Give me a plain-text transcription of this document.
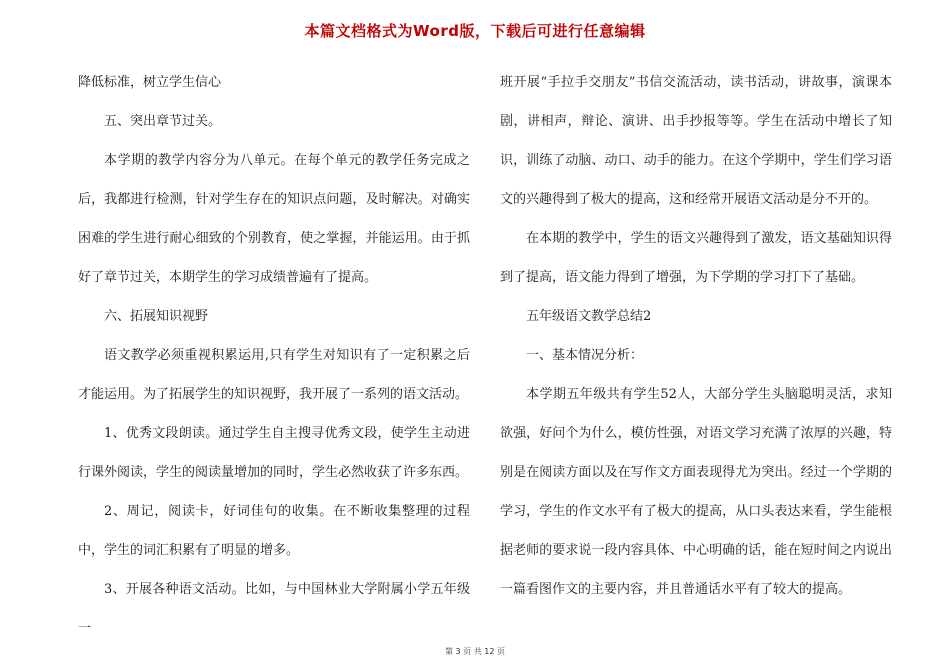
本篇文档格式为Word版，下载后可进行任意编辑

降低标准，树立学生信心

五、突出章节过关。

本学期的教学内容分为八单元。在每个单元的教学任务完成之后，我都进行检测，针对学生存在的知识点问题，及时解决。对确实困难的学生进行耐心细致的个别教育，使之掌握，并能运用。由于抓好了章节过关，本期学生的学习成绩普遍有了提高。

六、拓展知识视野

语文教学必须重视积累运用,只有学生对知识有了一定积累之后才能运用。为了拓展学生的知识视野，我开展了一系列的语文活动。

1、优秀文段朗读。通过学生自主搜寻优秀文段，使学生主动进行课外阅读，学生的阅读量增加的同时，学生必然收获了许多东西。

2、周记，阅读卡，好词佳句的收集。在不断收集整理的过程中，学生的词汇积累有了明显的增多。

3、开展各种语文活动。比如，与中国林业大学附属小学五年级一

班开展“手拉手交朋友”书信交流活动，读书活动，讲故事，演课本剧，讲相声，辩论、演讲、出手抄报等等。学生在活动中增长了知识，训练了动脑、动口、动手的能力。在这个学期中，学生们学习语文的兴趣得到了极大的提高，这和经常开展语文活动是分不开的。

在本期的教学中，学生的语文兴趣得到了激发，语文基础知识得到了提高，语文能力得到了增强，为下学期的学习打下了基础。

五年级语文教学总结2

一、基本情况分析：

本学期五年级共有学生52人，大部分学生头脑聪明灵活，求知欲强，好问个为什么，模仿性强，对语文学习充满了浓厚的兴趣，特别是在阅读方面以及在写作文方面表现得尤为突出。经过一个学期的学习，学生的作文水平有了极大的提高，从口头表达来看，学生能根据老师的要求说一段内容具体、中心明确的话，能在短时间之内说出一篇看图作文的主要内容，并且普通话水平有了较大的提高。

第 3 页 共 12 页
